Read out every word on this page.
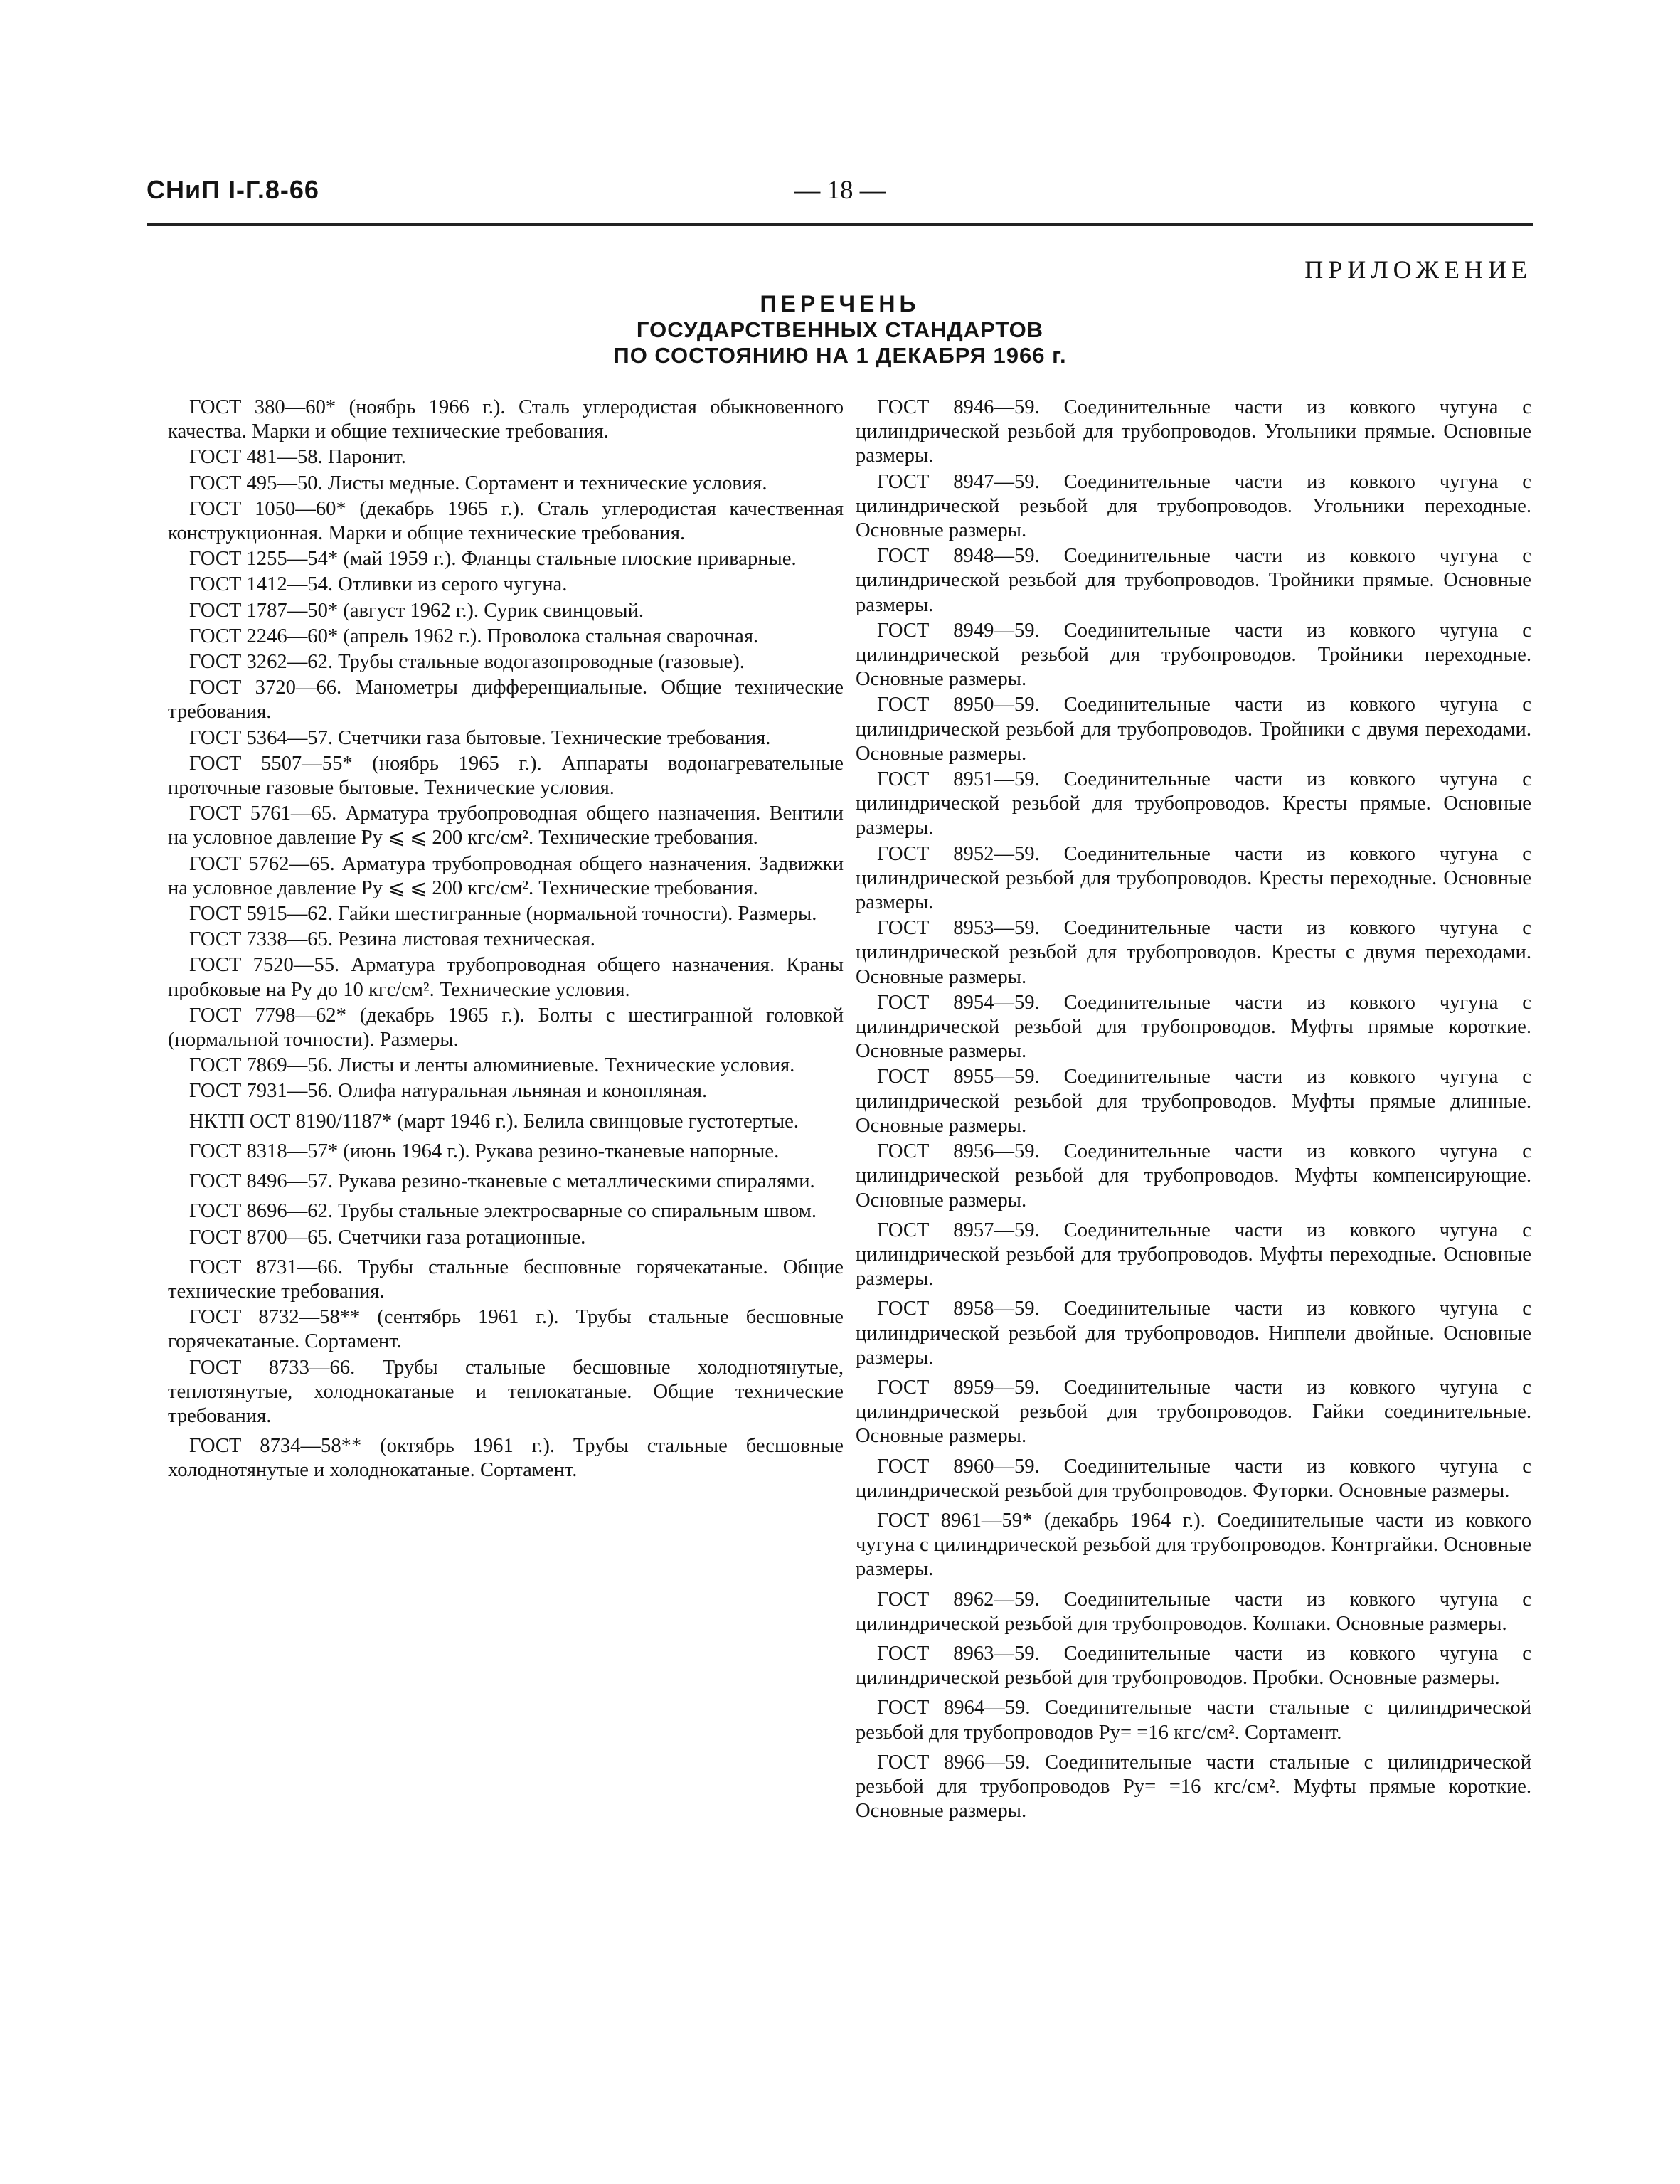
СНиП I-Г.8-66	— 18 —
ПРИЛОЖЕНИЕ
ПЕРЕЧЕНЬ
ГОСУДАРСТВЕННЫХ СТАНДАРТОВ
ПО СОСТОЯНИЮ НА 1 ДЕКАБРЯ 1966 г.

ГОСТ 380—60* (ноябрь 1966 г.). Сталь углеродистая обыкновенного качества. Марки и общие технические требования.

ГОСТ 481—58. Паронит.

ГОСТ 495—50. Листы медные. Сортамент и технические условия.

ГОСТ 1050—60* (декабрь 1965 г.). Сталь углеродистая качественная конструкционная. Марки и общие технические требования.

ГОСТ 1255—54* (май 1959 г.). Фланцы стальные плоские приварные.

ГОСТ 1412—54. Отливки из серого чугуна.

ГОСТ 1787—50* (август 1962 г.). Сурик свинцовый.

ГОСТ 2246—60* (апрель 1962 г.). Проволока стальная сварочная.

ГОСТ 3262—62. Трубы стальные водогазопроводные (газовые).

ГОСТ 3720—66. Манометры дифференциальные. Общие технические требования.

ГОСТ 5364—57. Счетчики газа бытовые. Технические требования.

ГОСТ 5507—55* (ноябрь 1965 г.). Аппараты водонагревательные проточные газовые бытовые. Технические условия.

ГОСТ 5761—65. Арматура трубопроводная общего назначения. Вентили на условное давление Pу ⩽ ⩽ 200 кгс/см². Технические требования.

ГОСТ 5762—65. Арматура трубопроводная общего назначения. Задвижки на условное давление Pу ⩽ ⩽ 200 кгс/см². Технические требования.

ГОСТ 5915—62. Гайки шестигранные (нормальной точности). Размеры.

ГОСТ 7338—65. Резина листовая техническая.

ГОСТ 7520—55. Арматура трубопроводная общего назначения. Краны пробковые на Pу до 10 кгс/см². Технические условия.

ГОСТ 7798—62* (декабрь 1965 г.). Болты с шестигранной головкой (нормальной точности). Размеры.

ГОСТ 7869—56. Листы и ленты алюминиевые. Технические условия.

ГОСТ 7931—56. Олифа натуральная льняная и конопляная.

НКТП ОСТ 8190/1187* (март 1946 г.). Белила свинцовые густотертые.

ГОСТ 8318—57* (июнь 1964 г.). Рукава резино-тканевые напорные.

ГОСТ 8496—57. Рукава резино-тканевые с металлическими спиралями.

ГОСТ 8696—62. Трубы стальные электросварные со спиральным швом.

ГОСТ 8700—65. Счетчики газа ротационные.

ГОСТ 8731—66. Трубы стальные бесшовные горячекатаные. Общие технические требования.

ГОСТ 8732—58** (сентябрь 1961 г.). Трубы стальные бесшовные горячекатаные. Сортамент.

ГОСТ 8733—66. Трубы стальные бесшовные холоднотянутые, теплотянутые, холоднокатаные и теплокатаные. Общие технические требования.

ГОСТ 8734—58** (октябрь 1961 г.). Трубы стальные бесшовные холоднотянутые и холоднокатаные. Сортамент.

ГОСТ 8946—59. Соединительные части из ковкого чугуна с цилиндрической резьбой для трубопроводов. Угольники прямые. Основные размеры.

ГОСТ 8947—59. Соединительные части из ковкого чугуна с цилиндрической резьбой для трубопроводов. Угольники переходные. Основные размеры.

ГОСТ 8948—59. Соединительные части из ковкого чугуна с цилиндрической резьбой для трубопроводов. Тройники прямые. Основные размеры.

ГОСТ 8949—59. Соединительные части из ковкого чугуна с цилиндрической резьбой для трубопроводов. Тройники переходные. Основные размеры.

ГОСТ 8950—59. Соединительные части из ковкого чугуна с цилиндрической резьбой для трубопроводов. Тройники с двумя переходами. Основные размеры.

ГОСТ 8951—59. Соединительные части из ковкого чугуна с цилиндрической резьбой для трубопроводов. Кресты прямые. Основные размеры.

ГОСТ 8952—59. Соединительные части из ковкого чугуна с цилиндрической резьбой для трубопроводов. Кресты переходные. Основные размеры.

ГОСТ 8953—59. Соединительные части из ковкого чугуна с цилиндрической резьбой для трубопроводов. Кресты с двумя переходами. Основные размеры.

ГОСТ 8954—59. Соединительные части из ковкого чугуна с цилиндрической резьбой для трубопроводов. Муфты прямые короткие. Основные размеры.

ГОСТ 8955—59. Соединительные части из ковкого чугуна с цилиндрической резьбой для трубопроводов. Муфты прямые длинные. Основные размеры.

ГОСТ 8956—59. Соединительные части из ковкого чугуна с цилиндрической резьбой для трубопроводов. Муфты компенсирующие. Основные размеры.

ГОСТ 8957—59. Соединительные части из ковкого чугуна с цилиндрической резьбой для трубопроводов. Муфты переходные. Основные размеры.

ГОСТ 8958—59. Соединительные части из ковкого чугуна с цилиндрической резьбой для трубопроводов. Ниппели двойные. Основные размеры.

ГОСТ 8959—59. Соединительные части из ковкого чугуна с цилиндрической резьбой для трубопроводов. Гайки соединительные. Основные размеры.

ГОСТ 8960—59. Соединительные части из ковкого чугуна с цилиндрической резьбой для трубопроводов. Футорки. Основные размеры.

ГОСТ 8961—59* (декабрь 1964 г.). Соединительные части из ковкого чугуна с цилиндрической резьбой для трубопроводов. Контргайки. Основные размеры.

ГОСТ 8962—59. Соединительные части из ковкого чугуна с цилиндрической резьбой для трубопроводов. Колпаки. Основные размеры.

ГОСТ 8963—59. Соединительные части из ковкого чугуна с цилиндрической резьбой для трубопроводов. Пробки. Основные размеры.

ГОСТ 8964—59. Соединительные части стальные с цилиндрической резьбой для трубопроводов Pу= =16 кгс/см². Сортамент.

ГОСТ 8966—59. Соединительные части стальные с цилиндрической резьбой для трубопроводов Pу= =16 кгс/см². Муфты прямые короткие. Основные размеры.
